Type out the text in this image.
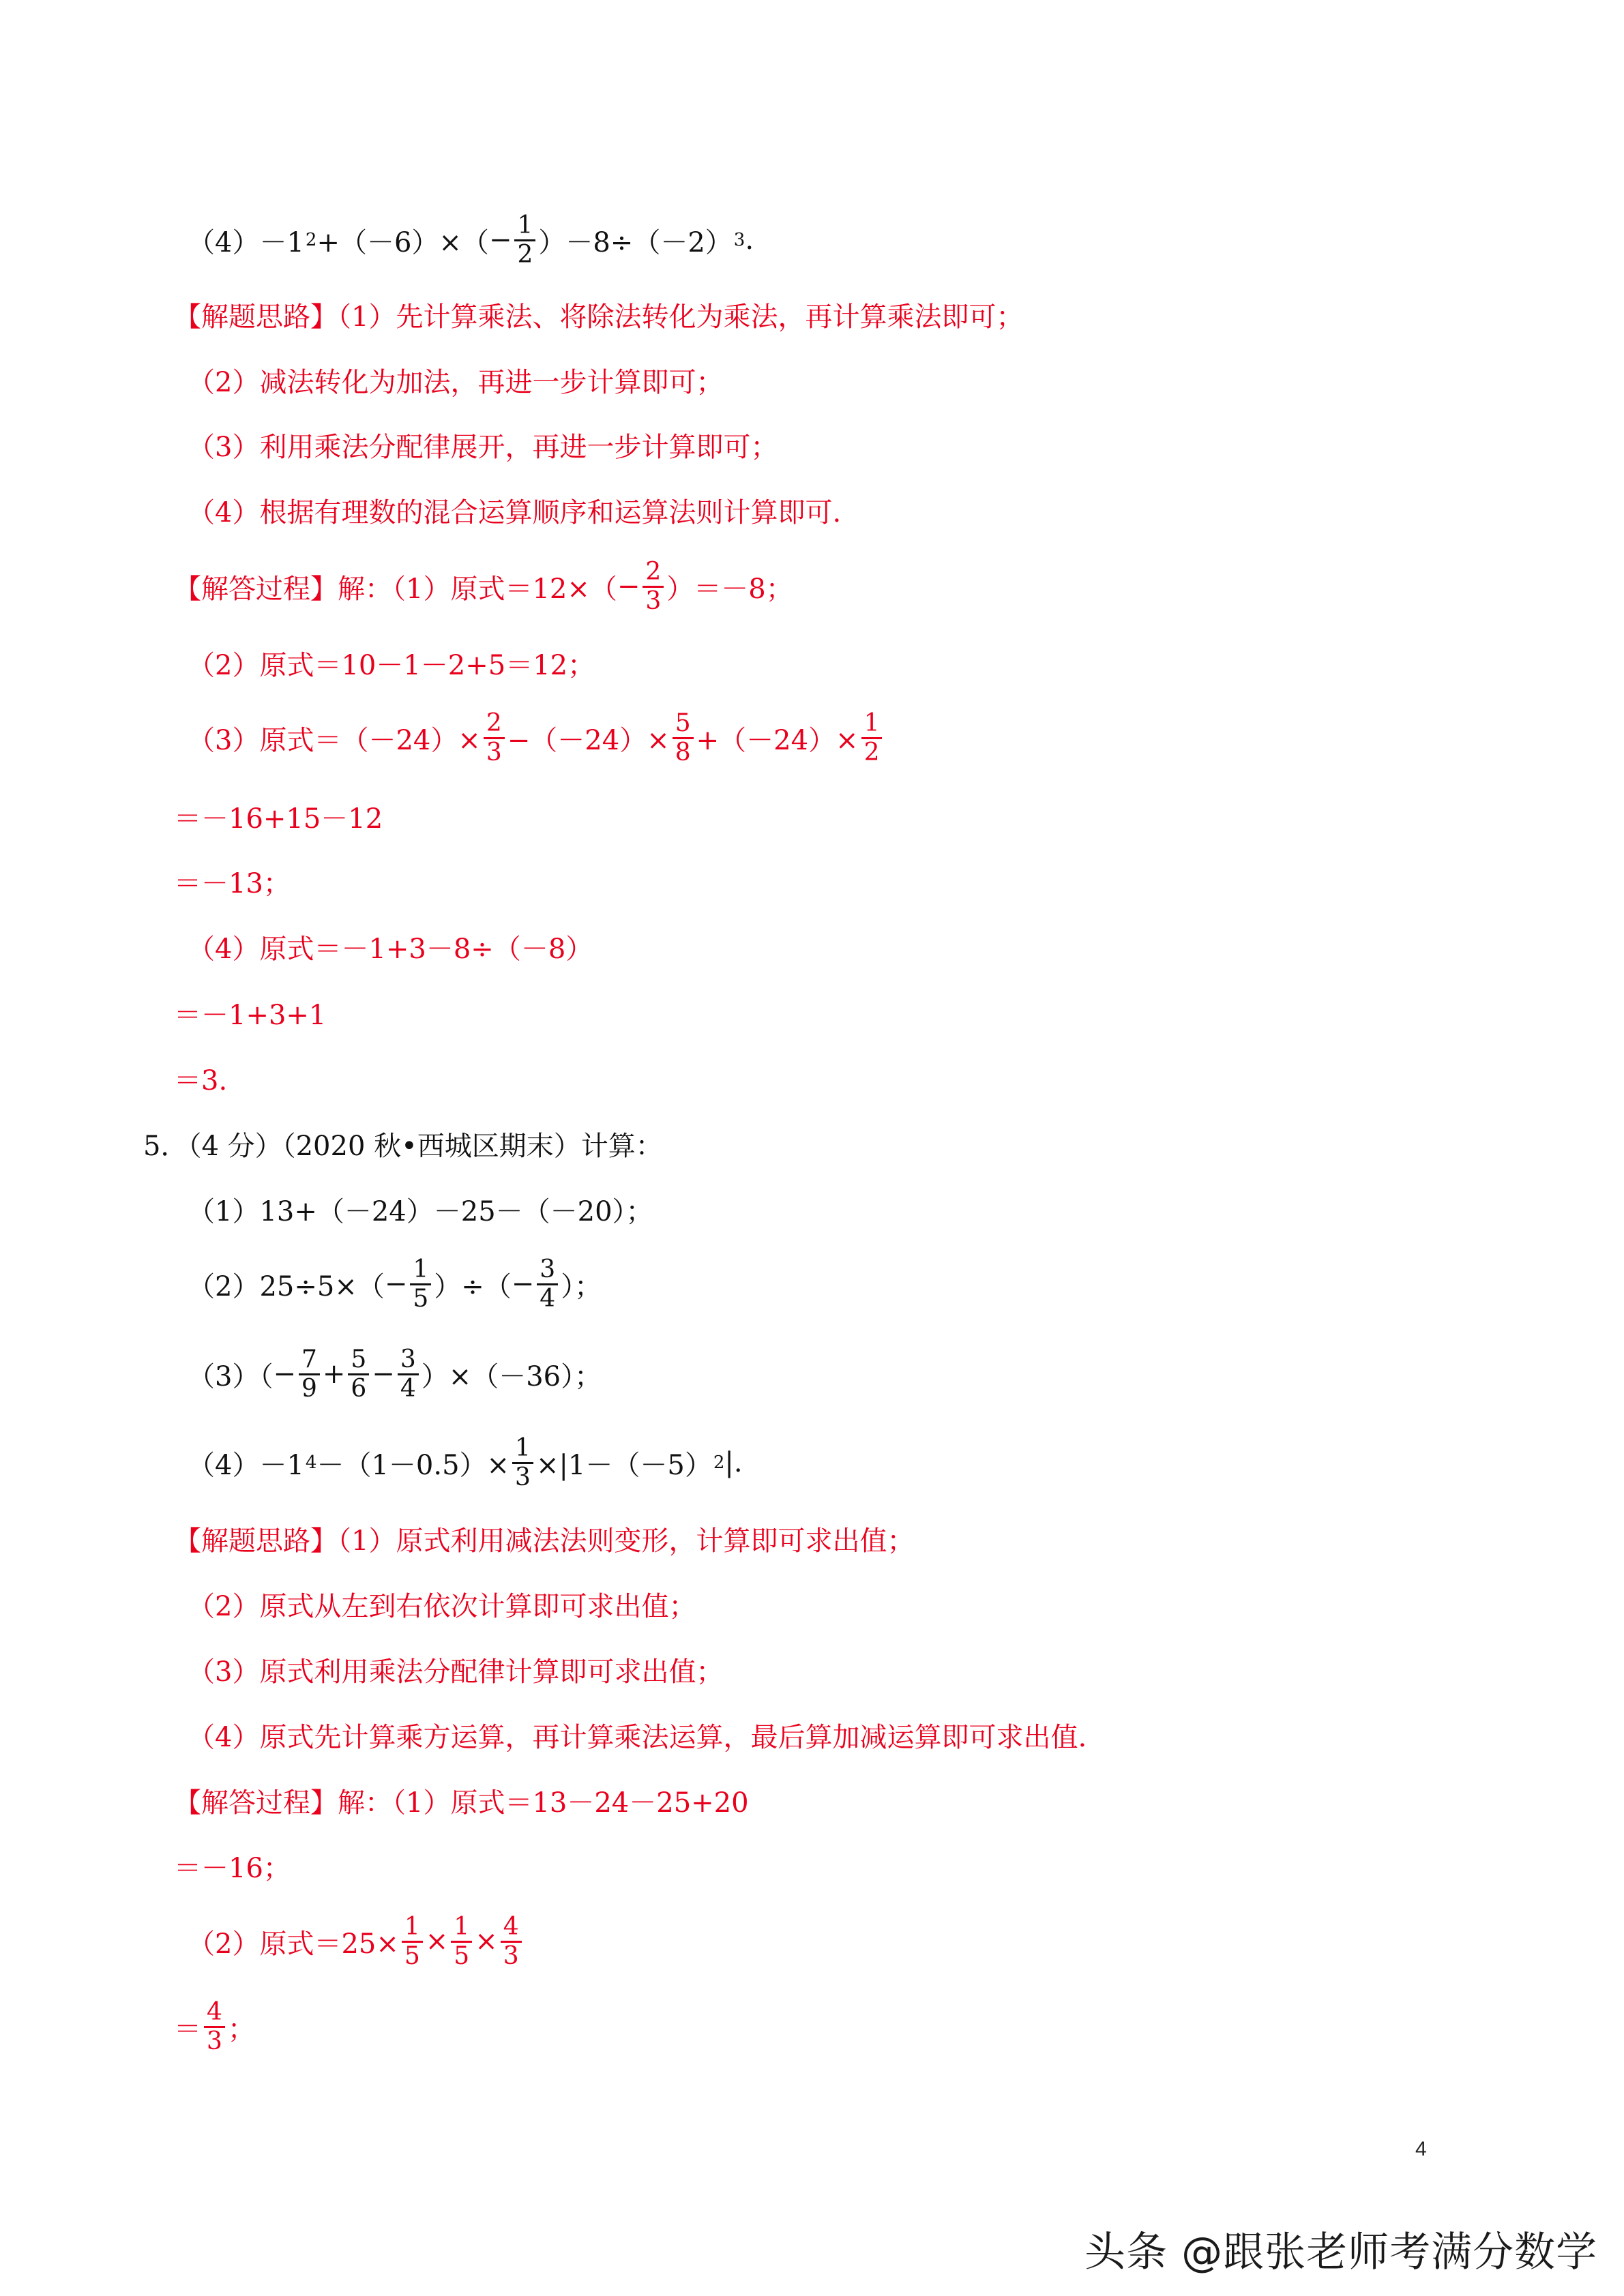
（4）－1 $2 +(-6)\times( - \frac{1}{2} )-8\div(-2)$ 3 .
【解题思路】（1）先计算乘法、将除法转化为乘法，再计算乘法即可；
（2）减法转化为加法，再进一步计算即可；
（3）利用乘法分配律展开，再进一步计算即可；
（4）根据有理数的混合运算顺序和运算法则计算即可.
【解答过程】解：（1）原式$=12\times( - \frac{2}{3} )=-8$；
（2）原式＝10－1－2+5＝12；
（3）原式$=(-24)\times \frac{2}{3} -(-24)\times \frac{5}{8} +(-24)\times \frac{1}{2}$
＝－16+15－12
＝－13；
（4）原式＝－1+3－8÷（－8）
＝－1+3+1
＝3.
5．（4 分）（2020 秋•西城区期末）计算：
（1）13+（－24）－25－（－20）；
$(2)25\div 5\times( - \frac{1}{5}$ ）÷（ − $\frac{3}{4}$ ）；
$(3)( - \frac{7}{9} + \frac{5}{6} - \frac{3}{4} )\times(-36)$；
（4）－1 $4 -(1-0.5)\times \frac{1}{3} \times|1-(-5)$ 2 |.
【解题思路】（1）原式利用减法法则变形，计算即可求出值；
（2）原式从左到右依次计算即可求出值；
（3）原式利用乘法分配律计算即可求出值；
（4）原式先计算乘方运算，再计算乘法运算，最后算加减运算即可求出值.
【解答过程】解：（1）原式＝13－24－25+20
＝－16；
（2）原式$=25\times \frac{1}{5} \times \frac{1}{5} \times \frac{4}{3}$
＝ $\frac{4}{3}$ ；
4
头条 @跟张老师考满分数学
